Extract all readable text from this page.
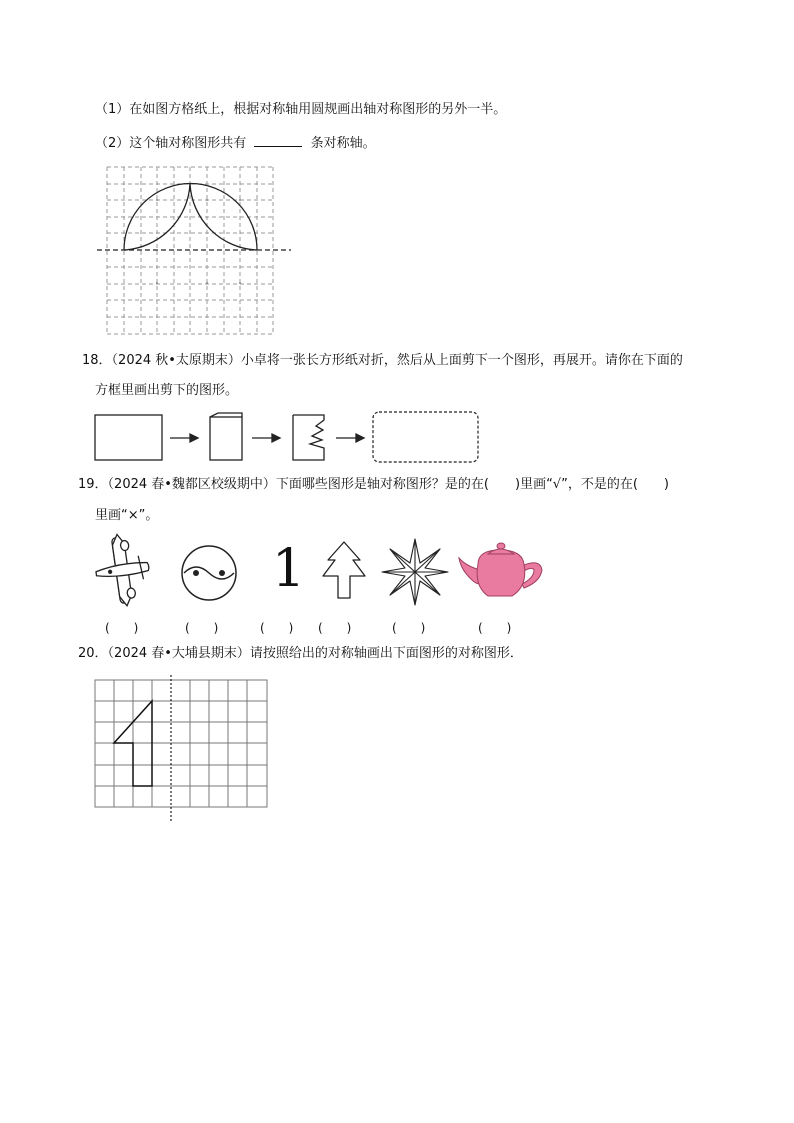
（1）在如图方格纸上，根据对称轴用圆规画出轴对称图形的另外一半。
（2）这个轴对称图形共有	条对称轴。
18．（2024 秋•太原期末）小卓将一张长方形纸对折，然后从上面剪下一个图形，再展开。请你在下面的
方框里画出剪下的图形。
19．（2024 春•魏都区校级期中）下面哪些图形是轴对称图形？是的在(　　)里画“√”，不是的在(　　)
里画“×”。
1
(　　)	(　　)	(　　) (　　)	(　　)	(　　)
20．（2024 春•大埔县期末）请按照给出的对称轴画出下面图形的对称图形．
